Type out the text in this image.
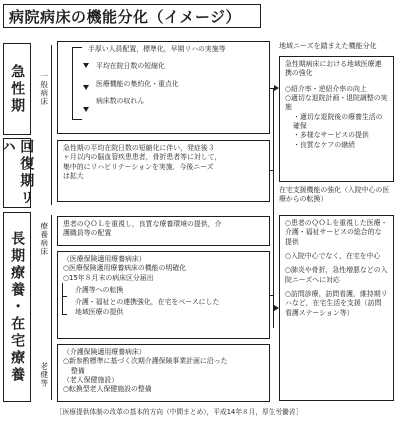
病院病床の機能分化（イメージ）
急性期
回復期リハ
長期療養・在宅療養
一般病床
療養病床
老健等
手厚い人員配置，標準化，早期リハの実施等
平均在院日数の短縮化
医療機能の集約化・重点化
病床数の収れん
急性期の平均在院日数の短縮化に伴い，発症後３
ヶ月以内の脳血管疾患患者，骨折患者等に対して，
集中的にリハビリテーションを実施．今後ニーズ
は拡大
患者のＱＯＬを重視し，良質な療養環境の提供，介
護職員等の配置
（医療保険適用療養病床）
○医療保険適用療養病床の機能の明確化
○15年８月末の病床区分届出
介護等への転換
介護・福祉との連携強化，在宅をベースにした
地域医療の提供
（介護保険適用療養病床）
○新参酌標準に基づく次期介護保険事業計画に沿った
整備
（老人保健施設）
○転換型老人保健施設の整備
地域ニーズを踏まえた機能分化
急性期病床における地域医療連携の強化
○紹介率・逆紹介率の向上
○適切な退院計画・退院調整の実施
・適切な退院後の療養生活の確保
・多様なサービスの提供
・良質なケアの継続
在宅支援機能の強化（入院中心の医療からの転換）
○患者のＱＯＬを重視した医療・介護・福祉サービスの総合的な提供
○入院中心でなく，在宅を中心
○肺炎や骨折，急性増悪などの入院ニーズへに対応
○訪問診療，訪問看護，維持期リハなど，在宅生活を支援（訪問看護ステーション等）
［医療提供体制の改革の基本的方向（中間まとめ），平成14年８月，厚生労働省］
